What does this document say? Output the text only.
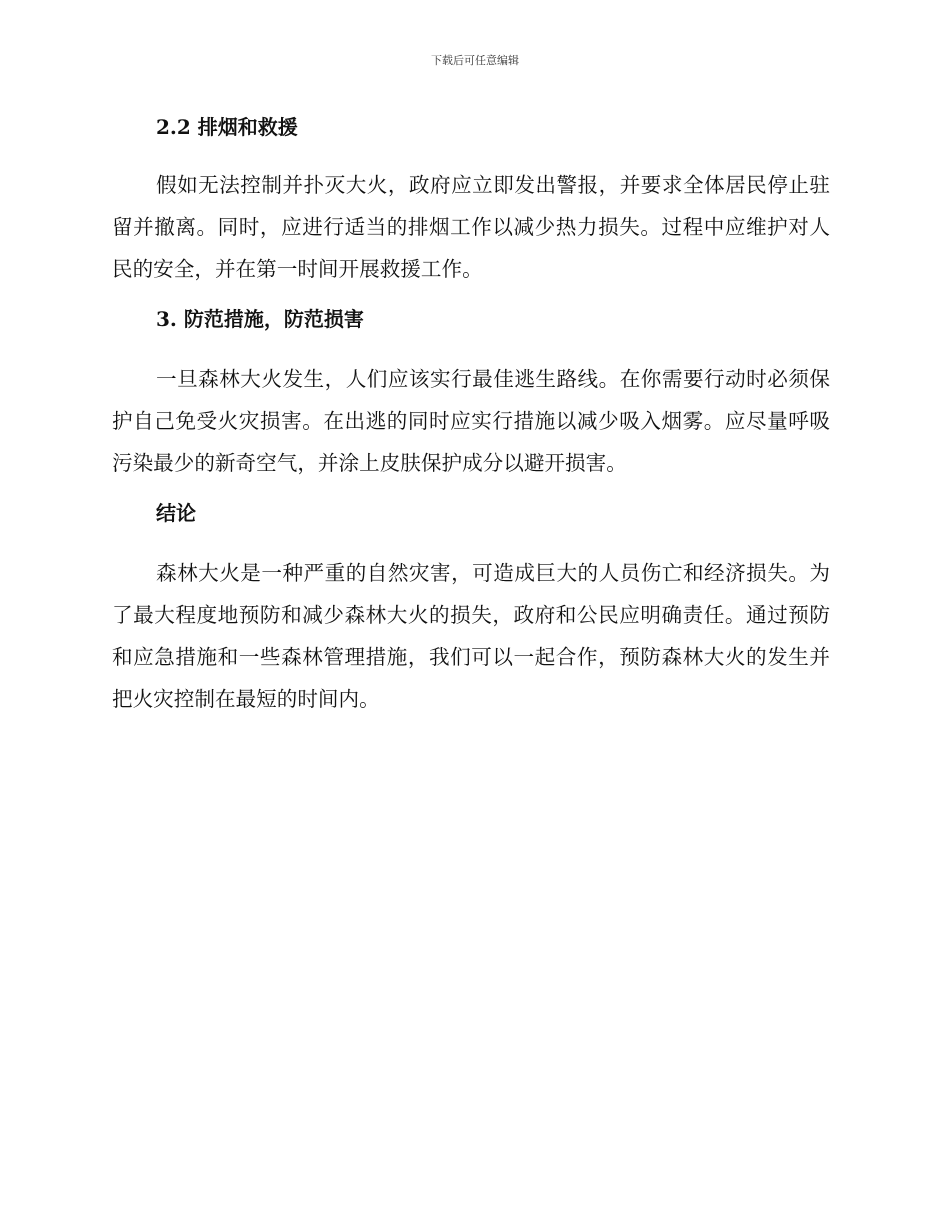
下载后可任意编辑
2.2 排烟和救援

假如无法控制并扑灭大火，政府应立即发出警报，并要求全体居民停止驻留并撤离。同时，应进行适当的排烟工作以减少热力损失。过程中应维护对人民的安全，并在第一时间开展救援工作。

3. 防范措施，防范损害

一旦森林大火发生，人们应该实行最佳逃生路线。在你需要行动时必须保护自己免受火灾损害。在出逃的同时应实行措施以减少吸入烟雾。应尽量呼吸污染最少的新奇空气，并涂上皮肤保护成分以避开损害。

结论

森林大火是一种严重的自然灾害，可造成巨大的人员伤亡和经济损失。为了最大程度地预防和减少森林大火的损失，政府和公民应明确责任。通过预防和应急措施和一些森林管理措施，我们可以一起合作，预防森林大火的发生并把火灾控制在最短的时间内。
